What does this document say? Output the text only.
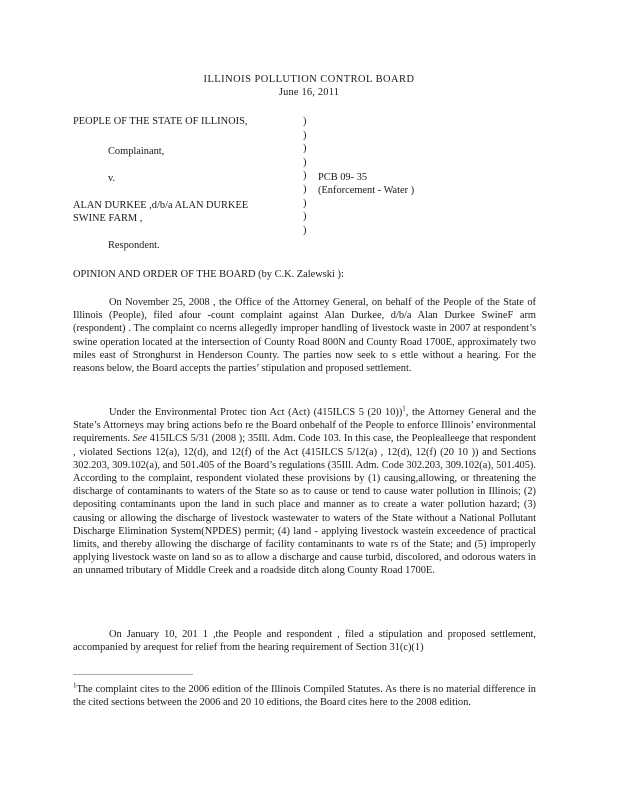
ILLINOIS POLLUTION CONTROL BOARD
June 16, 2011
PEOPLE OF THE STATE OF ILLINOIS,
Complainant,
v.
ALAN DURKEE ,d/b/a ALAN DURKEE
SWINE FARM ,
Respondent.
)
)
)
)
)
)
)
)
)
PCB 09- 35
(Enforcement - Water )
OPINION AND ORDER OF THE BOARD (by C.K. Zalewski ):
On November 25, 2008 , the Office of the Attorney General, on behalf of the People of the State of Illinois (People), filed afour -count complaint against Alan Durkee, d/b/a Alan Durkee SwineF arm (respondent) . The complaint co ncerns allegedly improper handling of livestock waste in 2007 at respondent’s swine operation located at the intersection of County Road 800N and County Road 1700E, approximately two miles east of Stronghurst in Henderson County. The parties now seek to s ettle without a hearing. For the reasons below, the Board accepts the parties’ stipulation and proposed settlement.
Under the Environmental Protec tion Act (Act) (415ILCS 5 (20 10))$^1$, the Attorney General and the State’s Attorneys may bring actions befo re the Board onbehalf of the People to enforce Illinois’ environmental requirements. See 415ILCS 5/31 (2008 ); 35Ill. Adm. Code 103. In this case, the Peoplealleege that respondent , violated Sections 12(a), 12(d), and 12(f) of the Act (415ILCS 5/12(a) , 12(d), 12(f) (20 10 )) and Sections 302.203, 309.102(a), and 501.405 of the Board’s regulations (35Ill. Adm. Code 302.203, 309.102(a), 501.405). According to the complaint, respondent violated these provisions by (1) causing,allowing, or threatening the discharge of contaminants to waters of the State so as to cause or tend to cause water pollution in Illinois; (2) depositing contaminants upon the land in such place and manner as to create a water pollution hazard; (3) causing or allowing the discharge of livestock wastewater to waters of the State without a National Pollutant Discharge Elimination System(NPDES) permit; (4) land - applying livestock wastein exceedence of practical limits, and thereby allowing the discharge of facility contaminants to wate rs of the State; and (5) improperly applying livestock waste on land so as to allow a discharge and cause turbid, discolored, and odorous waters in an unnamed tributary of Middle Creek and a roadside ditch along County Road 1700E.
On January 10, 201 1 ,the People and respondent , filed a stipulation and proposed settlement, accompanied by arequest for relief from the hearing requirement of Section 31(c)(1)
$^1$The complaint cites to the 2006 edition of the Illinois Compiled Statutes. As there is no material difference in the cited sections between the 2006 and 20 10 editions, the Board cites here to the 2008 edition.
